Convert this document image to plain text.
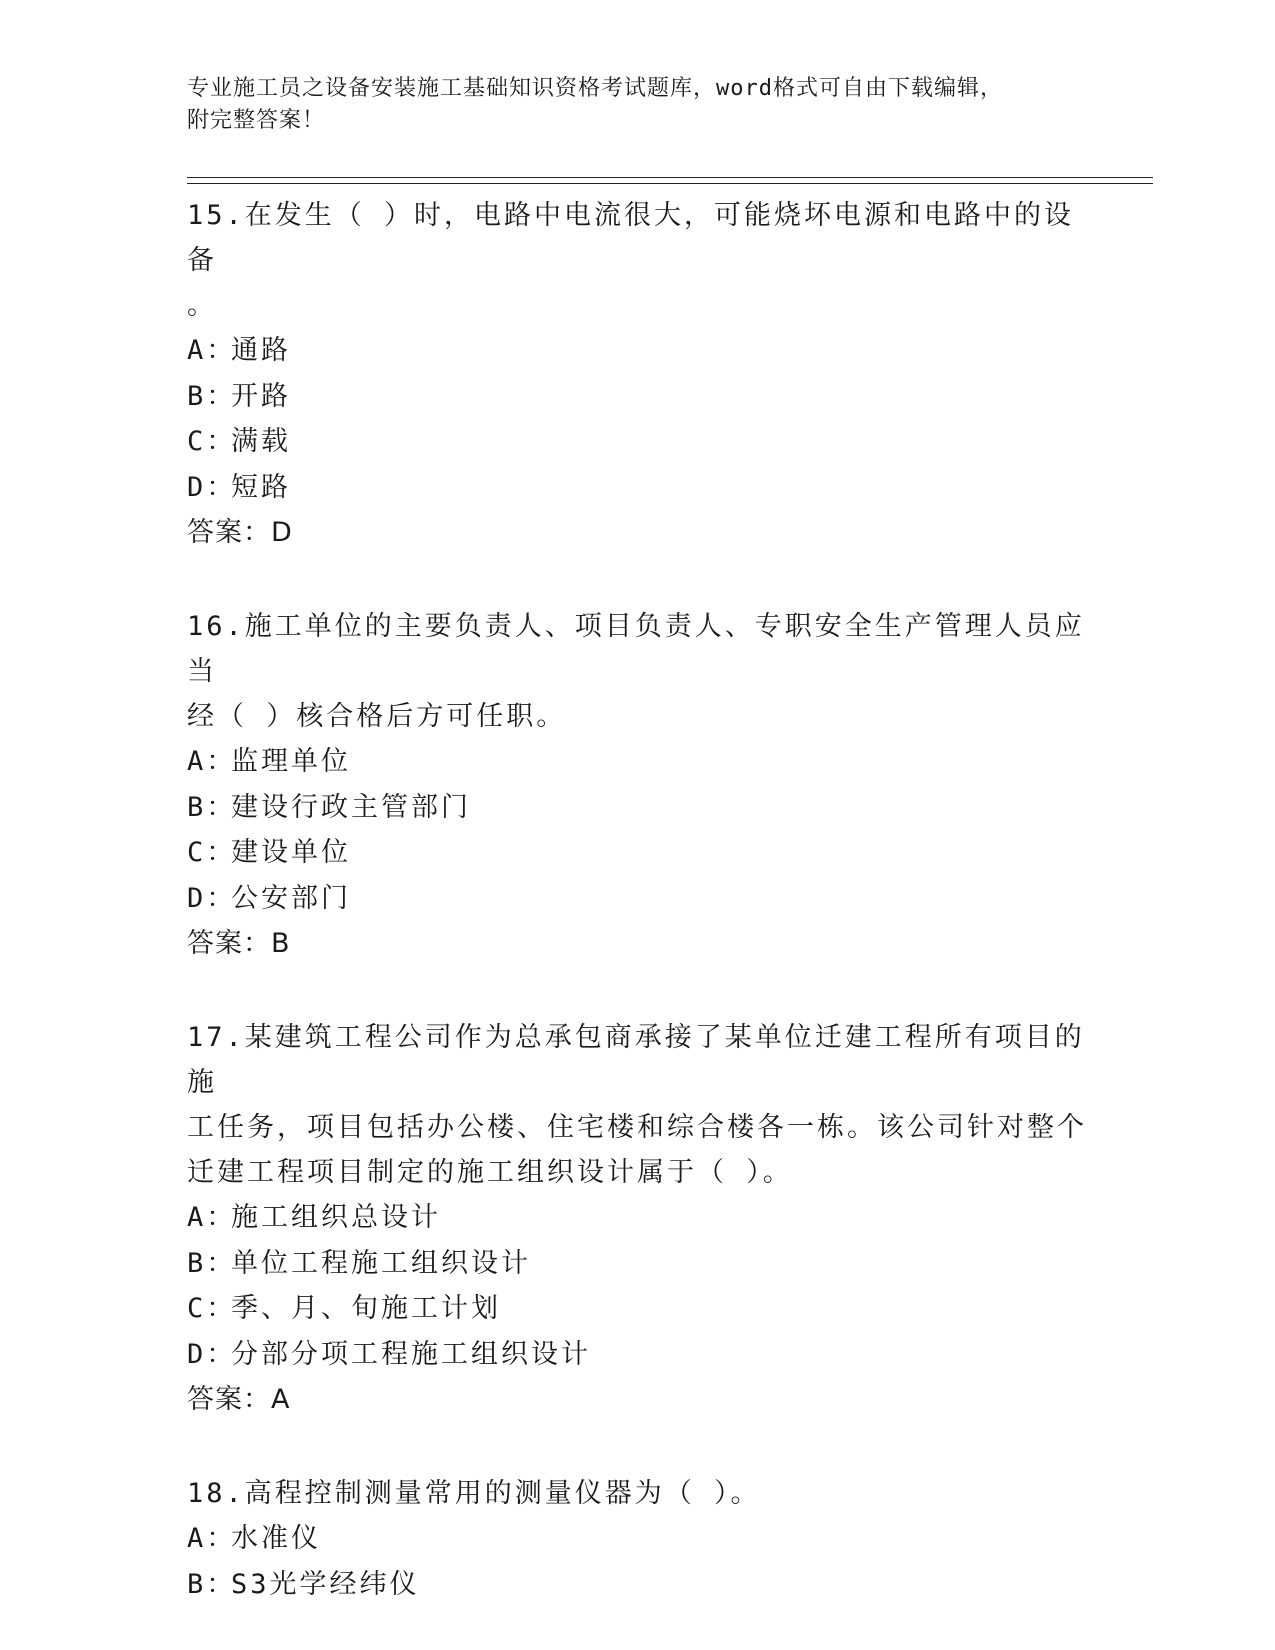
专业施工员之设备安装施工基础知识资格考试题库，word格式可自由下载编辑，
附完整答案！
15.在发生（ ）时，电路中电流很大，可能烧坏电源和电路中的设备
。
A：通路
B：开路
C：满载
D：短路
答案：D
16.施工单位的主要负责人、项目负责人、专职安全生产管理人员应当
经（ ）核合格后方可任职。
A：监理单位
B：建设行政主管部门
C：建设单位
D：公安部门
答案：B
17.某建筑工程公司作为总承包商承接了某单位迁建工程所有项目的施
工任务，项目包括办公楼、住宅楼和综合楼各一栋。该公司针对整个
迁建工程项目制定的施工组织设计属于（ ）。
A：施工组织总设计
B：单位工程施工组织设计
C：季、月、旬施工计划
D：分部分项工程施工组织设计
答案：A
18.高程控制测量常用的测量仪器为（ ）。
A：水准仪
B：S3光学经纬仪
